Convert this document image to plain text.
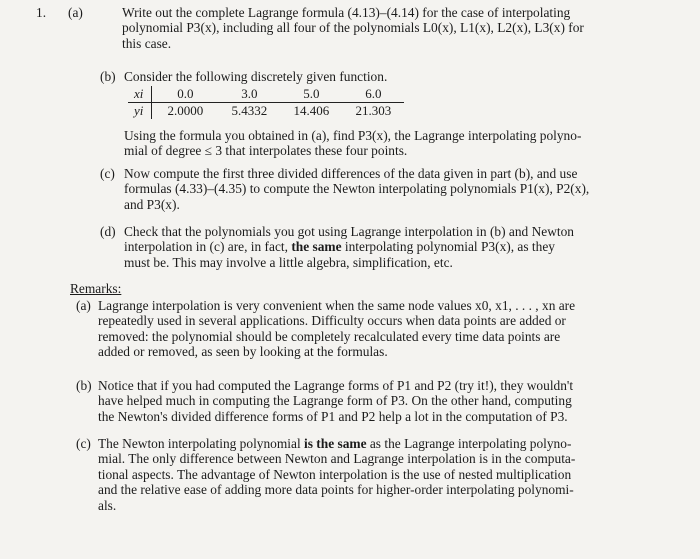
1. (a)	Write out the complete Lagrange formula (4.13)–(4.14) for the case of interpolating
polynomial P3(x), including all four of the polynomials L0(x), L1(x), L2(x), L3(x) for
this case.
(b) Consider the following discretely given function.
xi	0.0	3.0	5.0	6.0
yi	2.0000	5.4332	14.406	21.303
Using the formula you obtained in (a), find P3(x), the Lagrange interpolating polyno-
mial of degree ≤ 3 that interpolates these four points.
(c) Now compute the first three divided differences of the data given in part (b), and use
formulas (4.33)–(4.35) to compute the Newton interpolating polynomials P1(x), P2(x),
and P3(x).
(d) Check that the polynomials you got using Lagrange interpolation in (b) and Newton
interpolation in (c) are, in fact, the same interpolating polynomial P3(x), as they
must be. This may involve a little algebra, simplification, etc.
Remarks:
(a) Lagrange interpolation is very convenient when the same node values x0, x1, . . . , xn are
repeatedly used in several applications. Difficulty occurs when data points are added or
removed: the polynomial should be completely recalculated every time data points are
added or removed, as seen by looking at the formulas.
(b) Notice that if you had computed the Lagrange forms of P1 and P2 (try it!), they wouldn't
have helped much in computing the Lagrange form of P3. On the other hand, computing
the Newton's divided difference forms of P1 and P2 help a lot in the computation of P3.
(c) The Newton interpolating polynomial is the same as the Lagrange interpolating polyno-
mial. The only difference between Newton and Lagrange interpolation is in the computa-
tional aspects. The advantage of Newton interpolation is the use of nested multiplication
and the relative ease of adding more data points for higher-order interpolating polynomi-
als.
